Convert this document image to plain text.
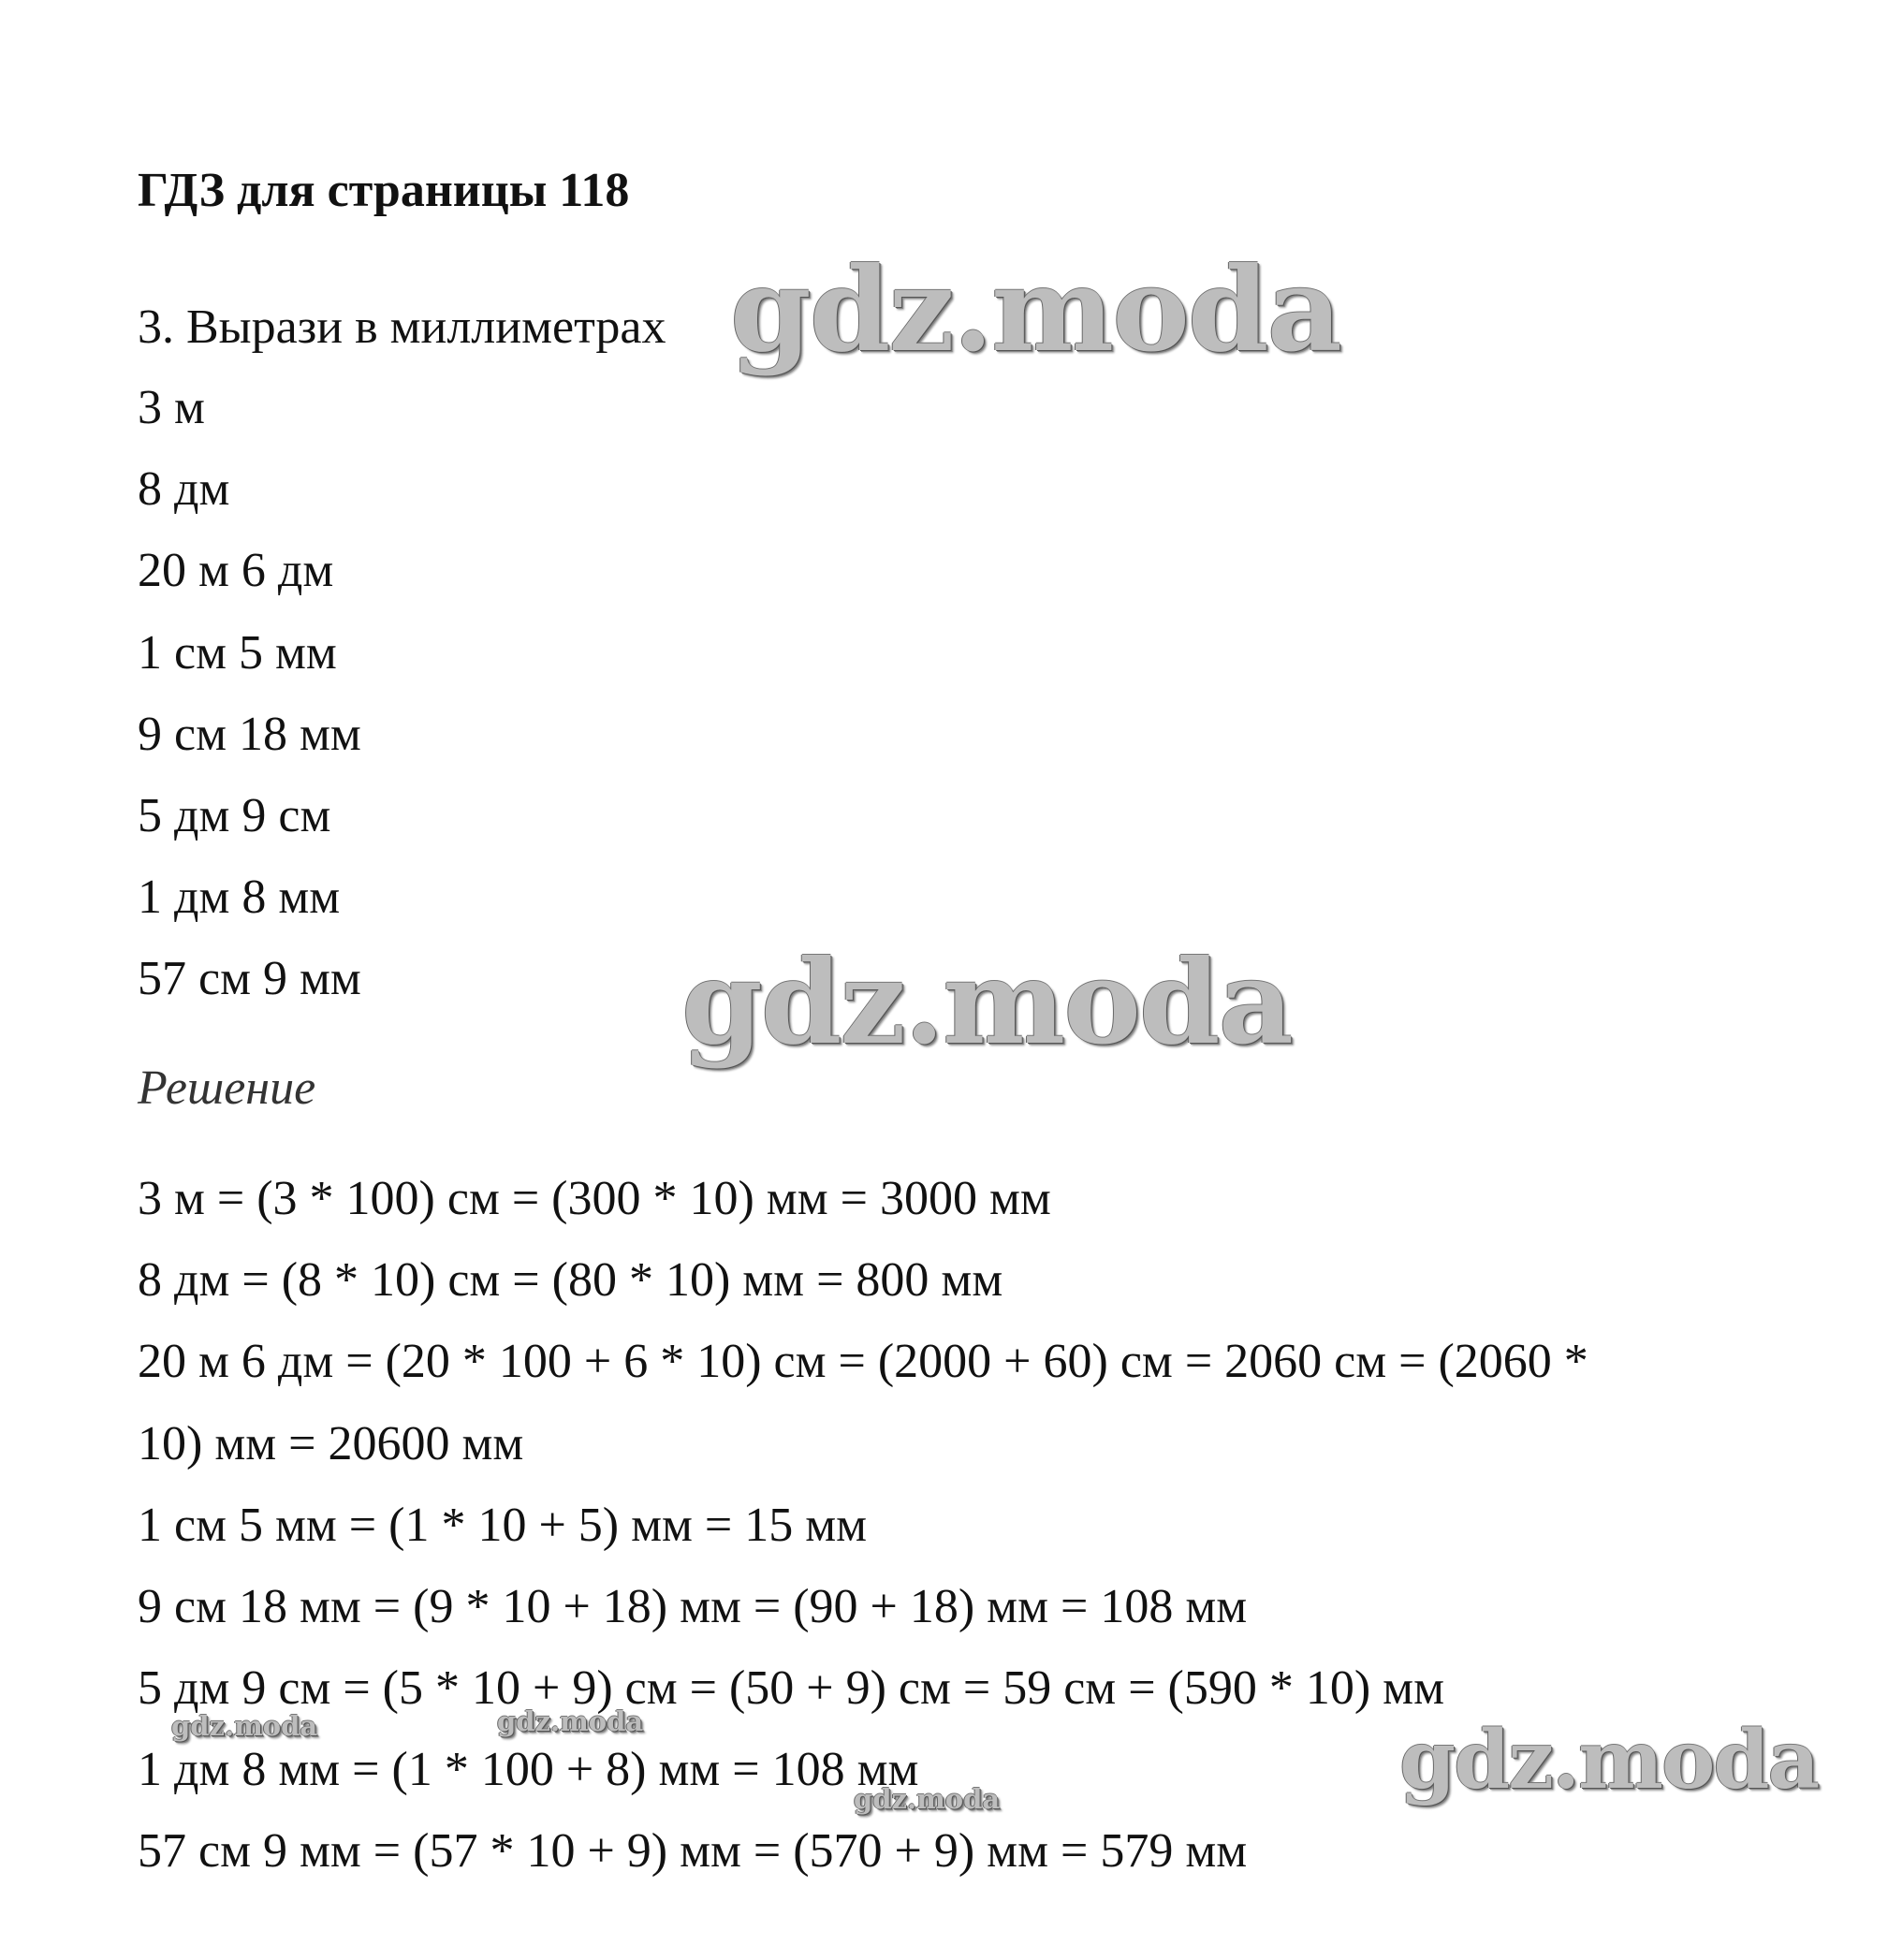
ГДЗ для страницы 118
3. Вырази в миллиметрах
3 м
8 дм
20 м 6 дм
1 см 5 мм
9 см 18 мм
5 дм 9 см
1 дм 8 мм
57 см 9 мм
Решение
3 м = (3 * 100) см = (300 * 10) мм = 3000 мм
8 дм = (8 * 10) см = (80 * 10) мм = 800 мм
20 м 6 дм = (20 * 100 + 6 * 10) см = (2000 + 60) см = 2060 см = (2060 *
10) мм = 20600 мм
1 см 5 мм = (1 * 10 + 5) мм = 15 мм
9 см 18 мм = (9 * 10 + 18) мм = (90 + 18) мм = 108 мм
5 дм 9 см = (5 * 10 + 9) см = (50 + 9) см = 59 см = (590 * 10) мм
1 дм 8 мм = (1 * 100 + 8) мм = 108 мм
57 см 9 мм = (57 * 10 + 9) мм = (570 + 9) мм = 579 мм
gdz.moda
gdz.moda
gdz.moda
gdz.moda	gdz.moda
gdz.moda
